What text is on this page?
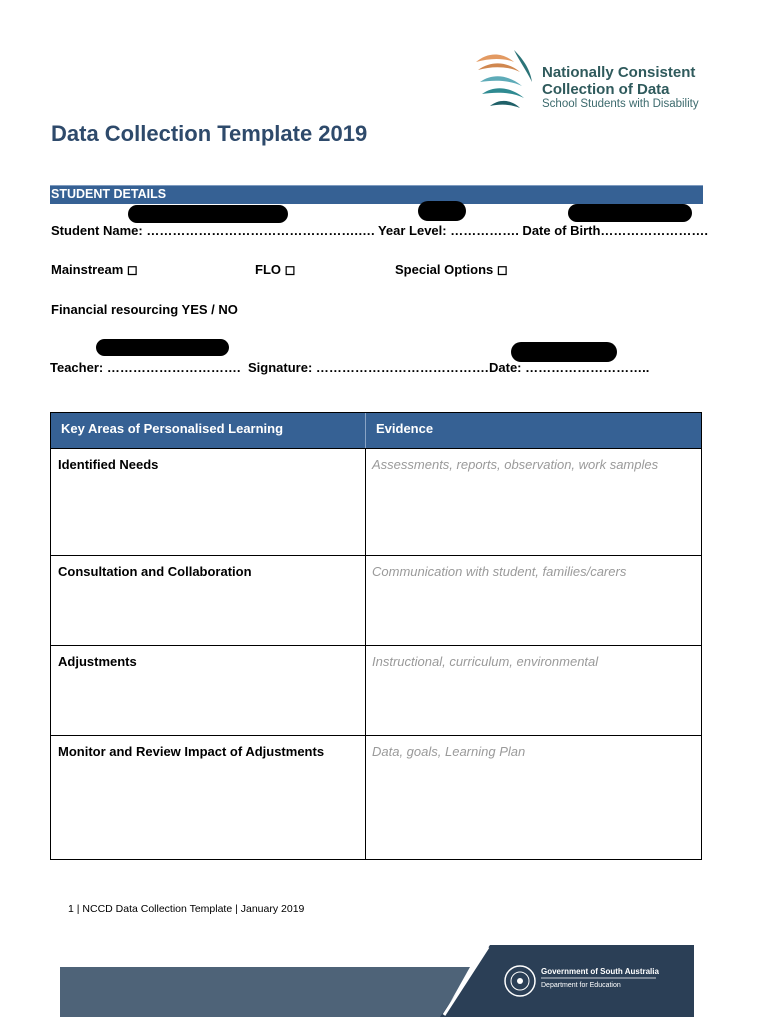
Nationally Consistent
Collection of Data
School Students with Disability
Data Collection Template 2019
STUDENT DETAILS
Student Name: ………………………………………….…. Year Level: ……………. Date of Birth…………………….
Mainstream ◻	FLO ◻	Special Options ◻
Financial resourcing YES / NO
Teacher: …………………………. Signature: …………………………………. Date: ………………………..
Key Areas of Personalised Learning	Evidence
Identified Needs	Assessments, reports, observation, work samples
Consultation and Collaboration	Communication with student, families/carers
Adjustments	Instructional, curriculum, environmental
Monitor and Review Impact of Adjustments	Data, goals, Learning Plan
1 | NCCD Data Collection Template | January 2019
Government of South Australia
Department for Education
